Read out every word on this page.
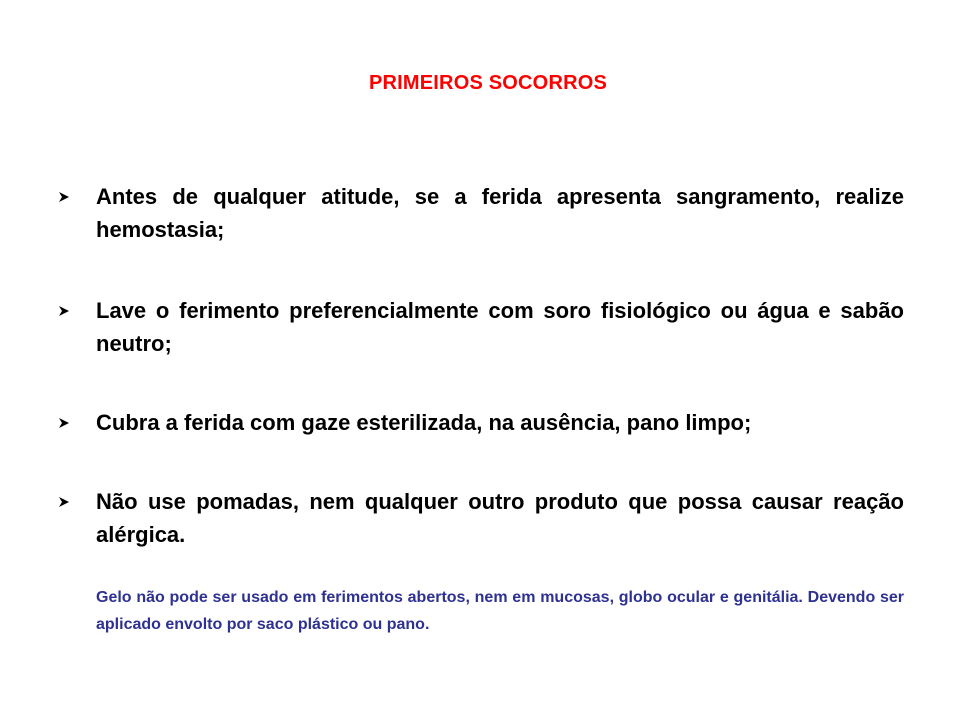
PRIMEIROS SOCORROS
Antes de qualquer atitude, se a ferida apresenta sangramento, realize hemostasia;
Lave o ferimento preferencialmente com soro fisiológico ou água e sabão neutro;
Cubra a ferida com gaze esterilizada, na ausência, pano limpo;
Não use pomadas, nem qualquer outro produto que possa causar reação alérgica.

Gelo não pode ser usado em ferimentos abertos, nem em mucosas, globo ocular e genitália. Devendo ser aplicado envolto por saco plástico ou pano.
